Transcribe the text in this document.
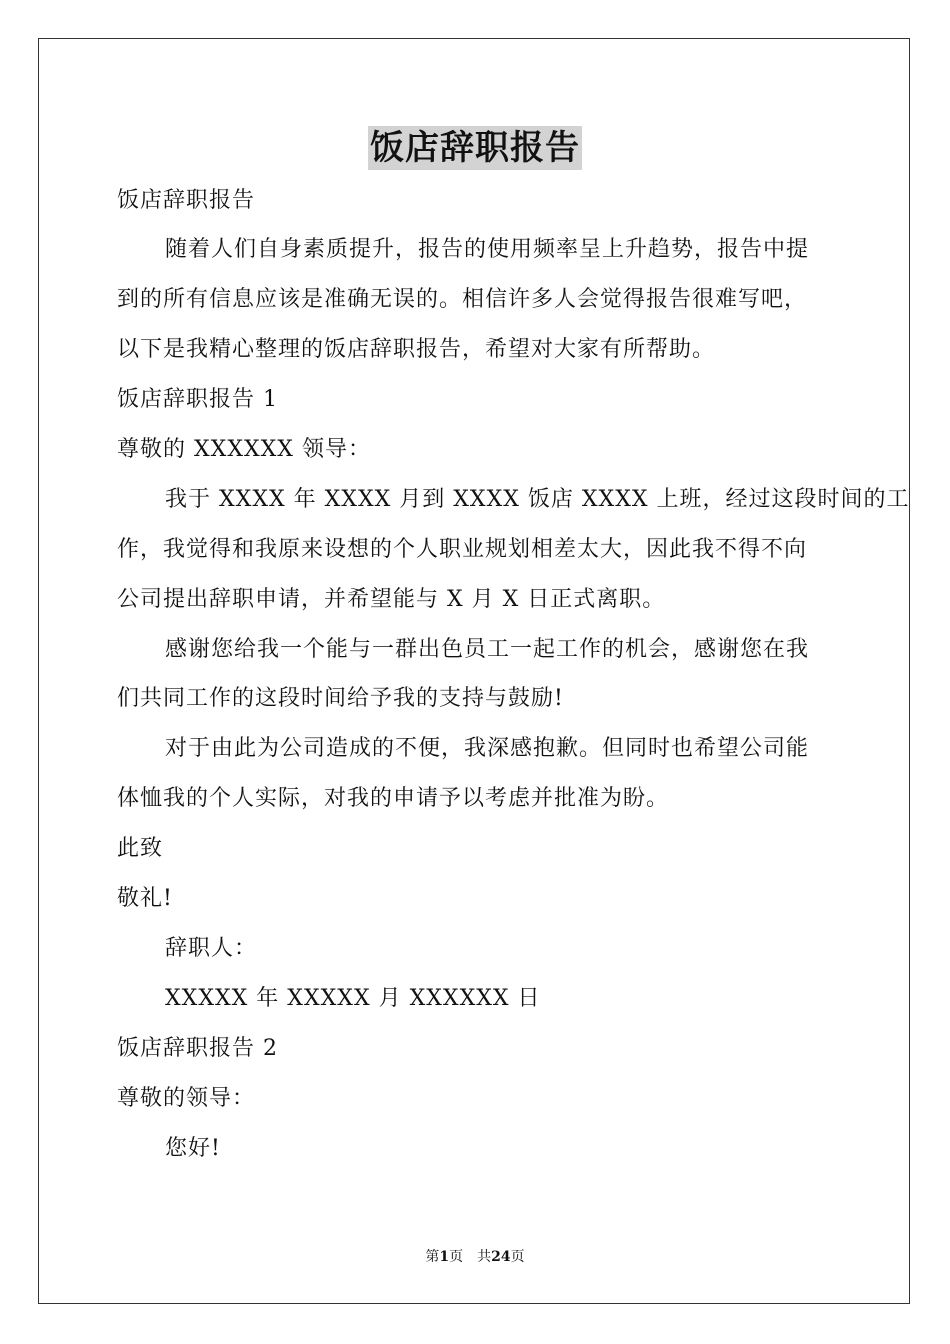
饭店辞职报告
饭店辞职报告
随着人们自身素质提升，报告的使用频率呈上升趋势，报告中提
到的所有信息应该是准确无误的。相信许多人会觉得报告很难写吧，
以下是我精心整理的饭店辞职报告，希望对大家有所帮助。
饭店辞职报告 1
尊敬的 XXXXXX 领导：
我于 XXXX 年 XXXX 月到 XXXX 饭店 XXXX 上班，经过这段时间的工
作，我觉得和我原来设想的个人职业规划相差太大，因此我不得不向
公司提出辞职申请，并希望能与 X 月 X 日正式离职。
感谢您给我一个能与一群出色员工一起工作的机会，感谢您在我
们共同工作的这段时间给予我的支持与鼓励!
对于由此为公司造成的不便，我深感抱歉。但同时也希望公司能
体恤我的个人实际，对我的申请予以考虑并批准为盼。
此致
敬礼!
辞职人：
XXXXX 年 XXXXX 月 XXXXXX 日
饭店辞职报告 2
尊敬的领导：
您好!
第1页 共24页
